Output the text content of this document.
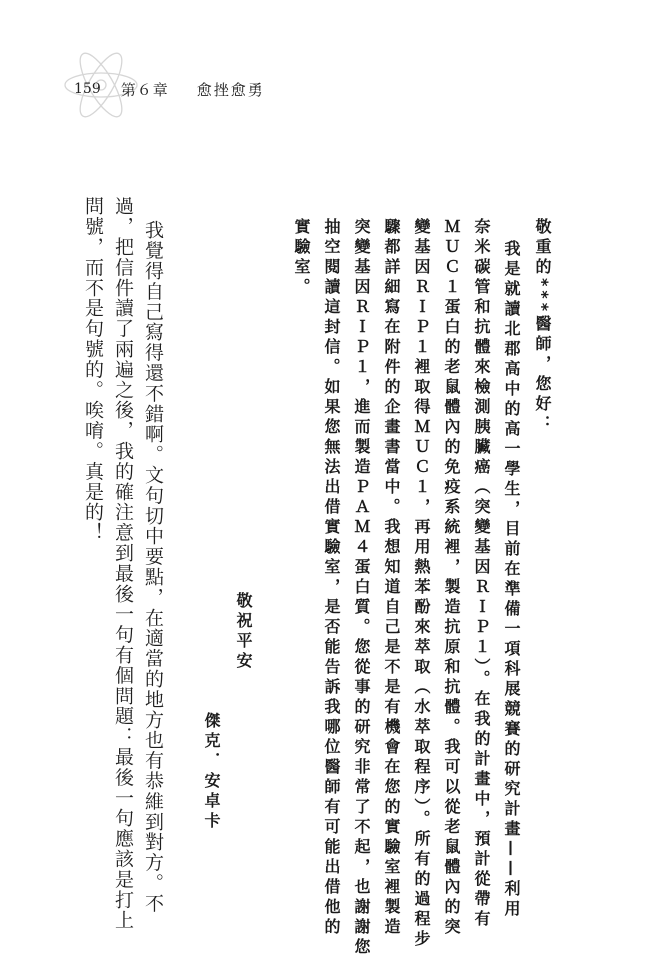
159 第６章 愈挫愈勇
敬重的***醫師，您好：
我是就讀北郡高中的高一學生，目前在準備一項科展競賽的研究計畫——利用
奈米碳管和抗體來檢測胰臟癌（突變基因ＲＩＰ１）。在我的計畫中，預計從帶有
ＭＵＣ１蛋白的老鼠體內的免疫系統裡，製造抗原和抗體。我可以從老鼠體內的突
變基因ＲＩＰ１裡取得ＭＵＣ１，再用熱苯酚來萃取（水萃取程序）。所有的過程步
驟都詳細寫在附件的企畫書當中。我想知道自己是不是有機會在您的實驗室裡製造
突變基因ＲＩＰ１，進而製造ＰＡＭ４蛋白質。您從事的研究非常了不起，也謝謝您
抽空閱讀這封信。如果您無法出借實驗室，是否能告訴我哪位醫師有可能出借他的
實驗室。
敬祝平安
傑克．安卓卡
我覺得自己寫得還不錯啊。文句切中要點，在適當的地方也有恭維到對方。不
過，把信件讀了兩遍之後，我的確注意到最後一句有個問題：最後一句應該是打上
問號，而不是句號的。唉唷。真是的！
